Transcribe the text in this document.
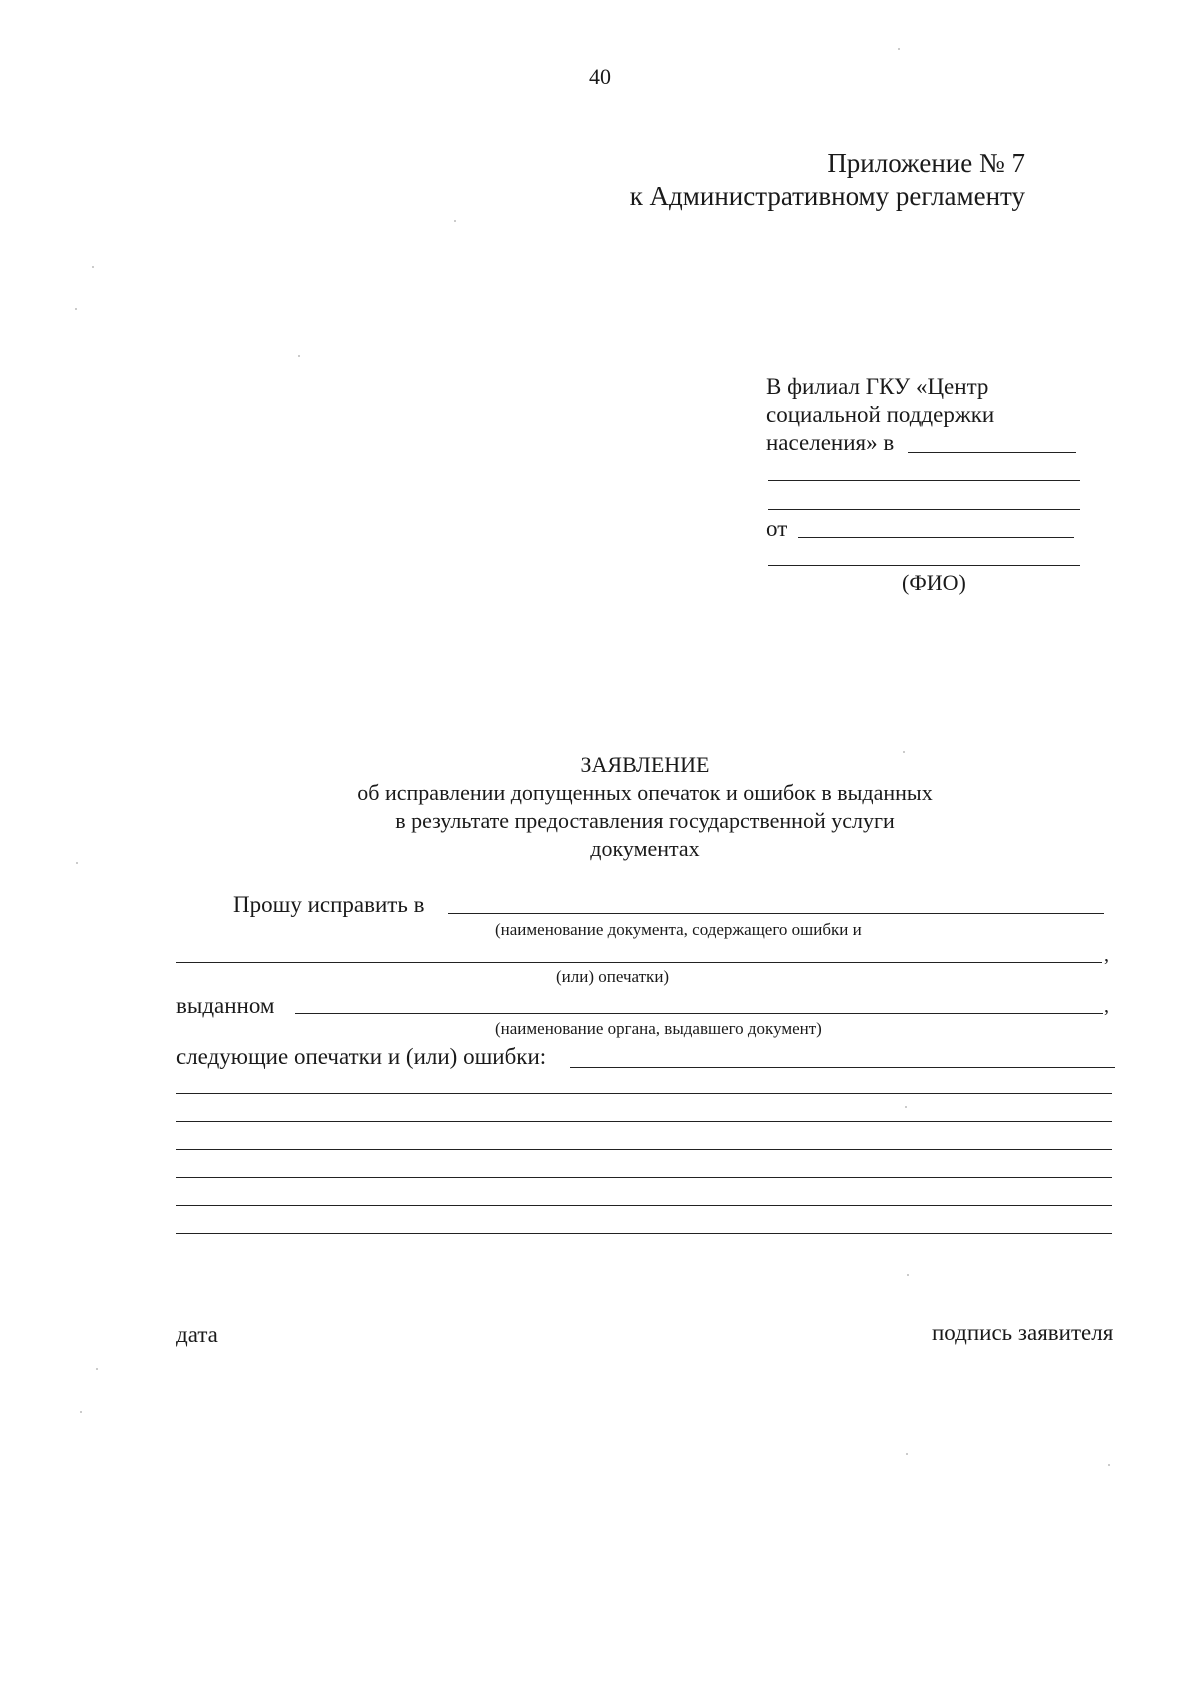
40
Приложение № 7
к Административному регламенту
В филиал ГКУ «Центр
социальной поддержки
населения» в
от
(ФИО)
ЗАЯВЛЕНИЕ
об исправлении допущенных опечаток и ошибок в выданных
в результате предоставления государственной услуги
документах
Прошу исправить в
(наименование документа, содержащего ошибки и
,
(или) опечатки)
выданном	,
(наименование органа, выдавшего документ)
следующие опечатки и (или) ошибки:
дата	подпись заявителя
